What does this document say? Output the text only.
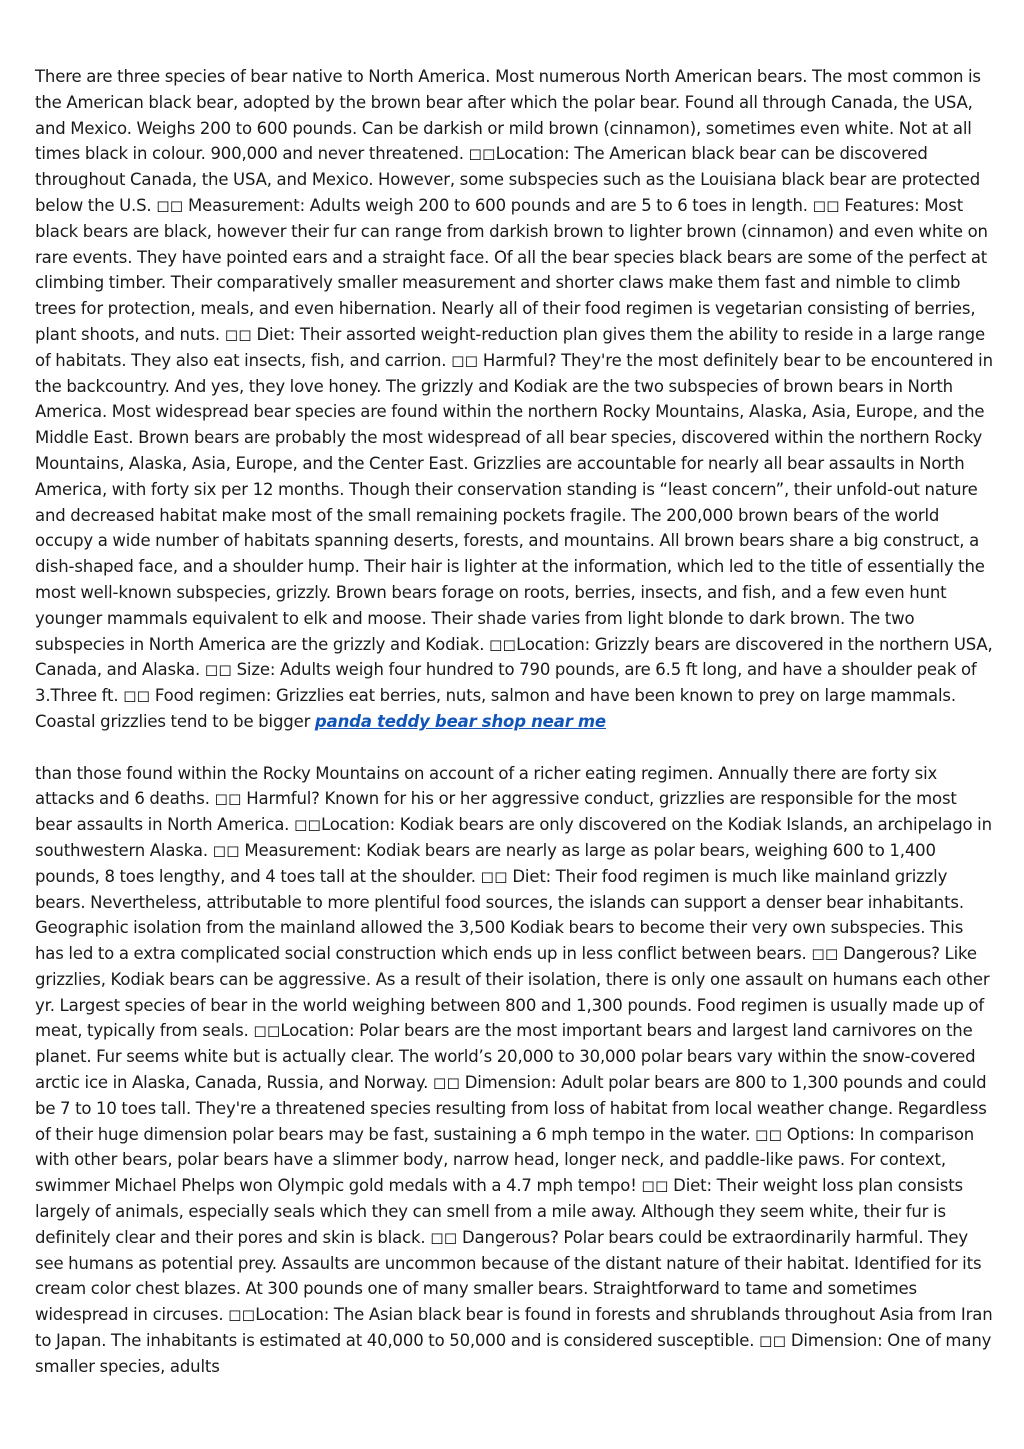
There are three species of bear native to North America. Most numerous North American bears. The most common is the American black bear, adopted by the brown bear after which the polar bear. Found all through Canada, the USA, and Mexico. Weighs 200 to 600 pounds. Can be darkish or mild brown (cinnamon), sometimes even white. Not at all times black in colour. 900,000 and never threatened. ◻◻Location: The American black bear can be discovered throughout Canada, the USA, and Mexico. However, some subspecies such as the Louisiana black bear are protected below the U.S. ◻◻ Measurement: Adults weigh 200 to 600 pounds and are 5 to 6 toes in length. ◻◻ Features: Most black bears are black, however their fur can range from darkish brown to lighter brown (cinnamon) and even white on rare events. They have pointed ears and a straight face. Of all the bear species black bears are some of the perfect at climbing timber. Their comparatively smaller measurement and shorter claws make them fast and nimble to climb trees for protection, meals, and even hibernation. Nearly all of their food regimen is vegetarian consisting of berries, plant shoots, and nuts. ◻◻ Diet: Their assorted weight-reduction plan gives them the ability to reside in a large range of habitats. They also eat insects, fish, and carrion. ◻◻ Harmful? They're the most definitely bear to be encountered in the backcountry. And yes, they love honey. The grizzly and Kodiak are the two subspecies of brown bears in North America. Most widespread bear species are found within the northern Rocky Mountains, Alaska, Asia, Europe, and the Middle East. Brown bears are probably the most widespread of all bear species, discovered within the northern Rocky Mountains, Alaska, Asia, Europe, and the Center East. Grizzlies are accountable for nearly all bear assaults in North America, with forty six per 12 months. Though their conservation standing is “least concern”, their unfold-out nature and decreased habitat make most of the small remaining pockets fragile. The 200,000 brown bears of the world occupy a wide number of habitats spanning deserts, forests, and mountains. All brown bears share a big construct, a dish-shaped face, and a shoulder hump. Their hair is lighter at the information, which led to the title of essentially the most well-known subspecies, grizzly. Brown bears forage on roots, berries, insects, and fish, and a few even hunt younger mammals equivalent to elk and moose. Their shade varies from light blonde to dark brown. The two subspecies in North America are the grizzly and Kodiak. ◻◻Location: Grizzly bears are discovered in the northern USA, Canada, and Alaska. ◻◻ Size: Adults weigh four hundred to 790 pounds, are 6.5 ft long, and have a shoulder peak of 3.Three ft. ◻◻ Food regimen: Grizzlies eat berries, nuts, salmon and have been known to prey on large mammals. Coastal grizzlies tend to be bigger panda teddy bear shop near me

than those found within the Rocky Mountains on account of a richer eating regimen. Annually there are forty six attacks and 6 deaths. ◻◻ Harmful? Known for his or her aggressive conduct, grizzlies are responsible for the most bear assaults in North America. ◻◻Location: Kodiak bears are only discovered on the Kodiak Islands, an archipelago in southwestern Alaska. ◻◻ Measurement: Kodiak bears are nearly as large as polar bears, weighing 600 to 1,400 pounds, 8 toes lengthy, and 4 toes tall at the shoulder. ◻◻ Diet: Their food regimen is much like mainland grizzly bears. Nevertheless, attributable to more plentiful food sources, the islands can support a denser bear inhabitants. Geographic isolation from the mainland allowed the 3,500 Kodiak bears to become their very own subspecies. This has led to a extra complicated social construction which ends up in less conflict between bears. ◻◻ Dangerous? Like grizzlies, Kodiak bears can be aggressive. As a result of their isolation, there is only one assault on humans each other yr. Largest species of bear in the world weighing between 800 and 1,300 pounds. Food regimen is usually made up of meat, typically from seals. ◻◻Location: Polar bears are the most important bears and largest land carnivores on the planet. Fur seems white but is actually clear. The world’s 20,000 to 30,000 polar bears vary within the snow-covered arctic ice in Alaska, Canada, Russia, and Norway. ◻◻ Dimension: Adult polar bears are 800 to 1,300 pounds and could be 7 to 10 toes tall. They're a threatened species resulting from loss of habitat from local weather change. Regardless of their huge dimension polar bears may be fast, sustaining a 6 mph tempo in the water. ◻◻ Options: In comparison with other bears, polar bears have a slimmer body, narrow head, longer neck, and paddle-like paws. For context, swimmer Michael Phelps won Olympic gold medals with a 4.7 mph tempo! ◻◻ Diet: Their weight loss plan consists largely of animals, especially seals which they can smell from a mile away. Although they seem white, their fur is definitely clear and their pores and skin is black. ◻◻ Dangerous? Polar bears could be extraordinarily harmful. They see humans as potential prey. Assaults are uncommon because of the distant nature of their habitat. Identified for its cream color chest blazes. At 300 pounds one of many smaller bears. Straightforward to tame and sometimes widespread in circuses. ◻◻Location: The Asian black bear is found in forests and shrublands throughout Asia from Iran to Japan. The inhabitants is estimated at 40,000 to 50,000 and is considered susceptible. ◻◻ Dimension: One of many smaller species, adults
